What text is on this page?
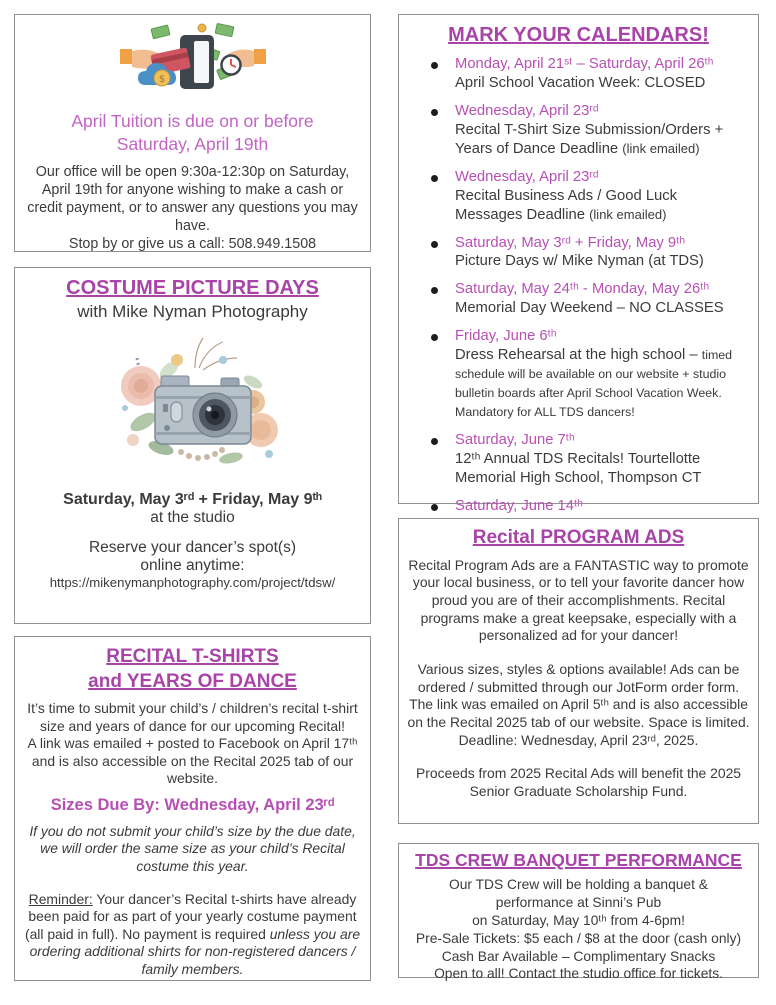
$
April Tuition is due on or before
Saturday, April 19th
Our office will be open 9:30a-12:30p on Saturday, April 19th for anyone wishing to make a cash or credit payment, or to answer any questions you may have.
Stop by or give us a call: 508.949.1508
COSTUME PICTURE DAYS
with Mike Nyman Photography
Saturday, May 3ʳᵈ + Friday, May 9ᵗʰ
at the studio
Reserve your dancer’s spot(s)
online anytime:
https://mikenymanphotography.com/project/tdsw/
RECITAL T-SHIRTS
and YEARS OF DANCE

It’s time to submit your child’s / children’s recital t-shirt size and years of dance for our upcoming Recital!

A link was emailed + posted to Facebook on April 17ᵗʰ and is also accessible on the Recital 2025 tab of our website.

Sizes Due By: Wednesday, April 23ʳᵈ

If you do not submit your child’s size by the due date, we will order the same size as your child’s Recital costume this year.

Reminder: Your dancer’s Recital t-shirts have already been paid for as part of your yearly costume payment (all paid in full). No payment is required unless you are ordering additional shirts for non-registered dancers / family members.

MARK YOUR CALENDARS!
Monday, April 21ˢᵗ – Saturday, April 26ᵗʰ
April School Vacation Week: CLOSED
Wednesday, April 23ʳᵈ
Recital T-Shirt Size Submission/Orders + Years of Dance Deadline (link emailed)
Wednesday, April 23ʳᵈ
Recital Business Ads / Good Luck Messages Deadline (link emailed)
Saturday, May 3ʳᵈ + Friday, May 9ᵗʰ
Picture Days w/ Mike Nyman (at TDS)
Saturday, May 24ᵗʰ - Monday, May 26ᵗʰ
Memorial Day Weekend – NO CLASSES
Friday, June 6ᵗʰ
Dress Rehearsal at the high school – timed schedule will be available on our website + studio bulletin boards after April School Vacation Week. Mandatory for ALL TDS dancers!
Saturday, June 7ᵗʰ
12ᵗʰ Annual TDS Recitals! Tourtellotte Memorial High School, Thompson CT
Saturday, June 14ᵗʰ
Recital PROGRAM ADS

Recital Program Ads are a FANTASTIC way to promote your local business, or to tell your favorite dancer how proud you are of their accomplishments. Recital programs make a great keepsake, especially with a personalized ad for your dancer!

Various sizes, styles & options available! Ads can be ordered / submitted through our JotForm order form. The link was emailed on April 5ᵗʰ and is also accessible on the Recital 2025 tab of our website. Space is limited. Deadline: Wednesday, April 23ʳᵈ, 2025.

Proceeds from 2025 Recital Ads will benefit the 2025 Senior Graduate Scholarship Fund.

TDS CREW BANQUET PERFORMANCE
Our TDS Crew will be holding a banquet &
performance at Sinni’s Pub
on Saturday, May 10ᵗʰ from 4-6pm!
Pre-Sale Tickets: $5 each / $8 at the door (cash only)
Cash Bar Available – Complimentary Snacks
Open to all! Contact the studio office for tickets.
